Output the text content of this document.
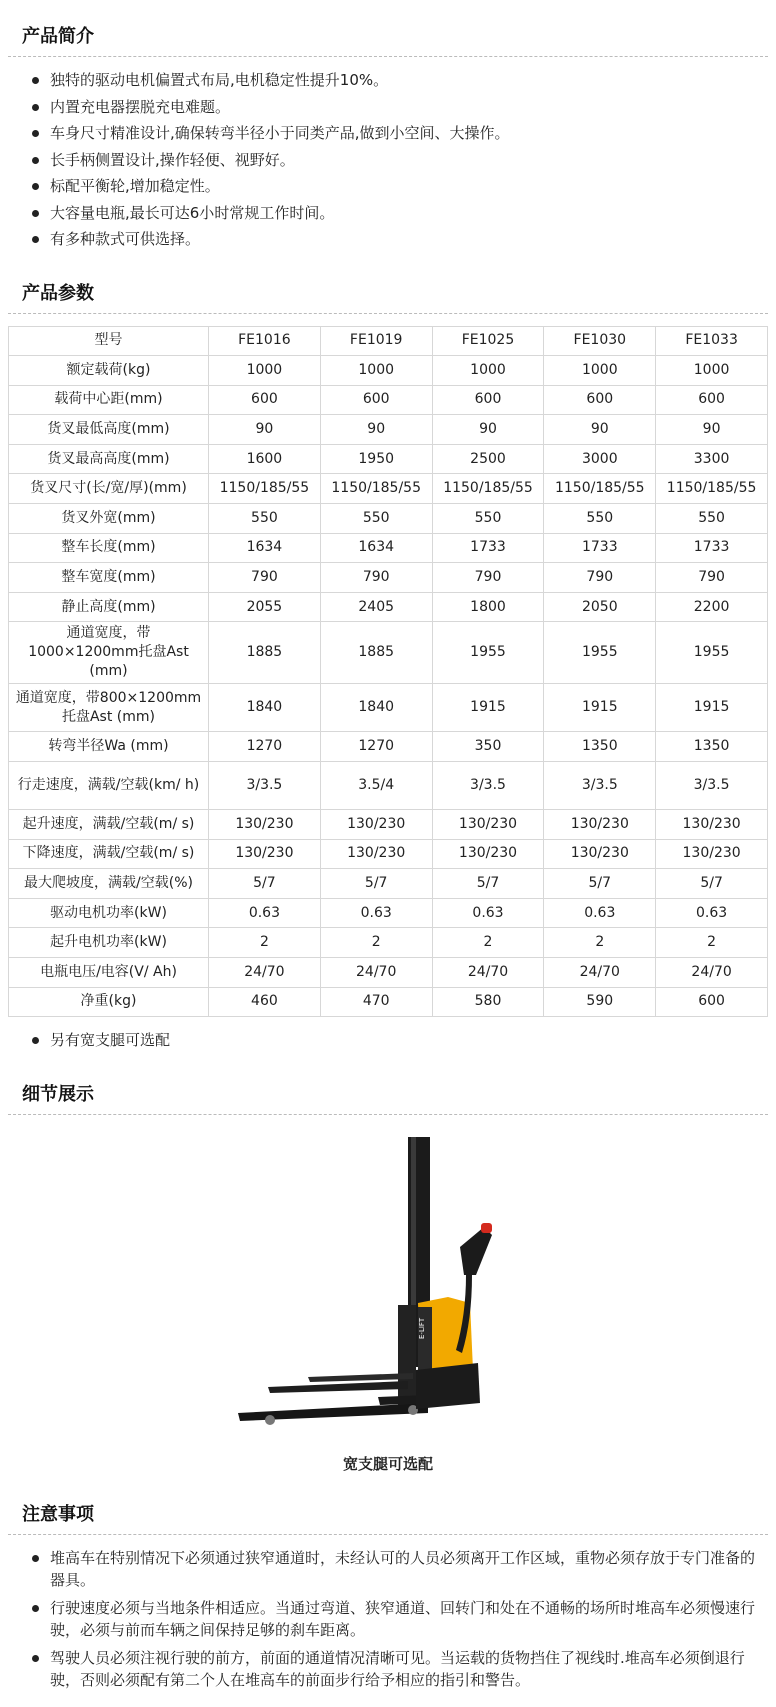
产品简介
独特的驱动电机偏置式布局,电机稳定性提升10%。
内置充电器摆脱充电难题。
车身尺寸精准设计,确保转弯半径小于同类产品,做到小空间、大操作。
长手柄侧置设计,操作轻便、视野好。
标配平衡轮,增加稳定性。
大容量电瓶,最长可达6小时常规工作时间。
有多种款式可供选择。
产品参数
型号	FE1016	FE1019	FE1025	FE1030	FE1033
额定载荷(kg)	1000	1000	1000	1000	1000
载荷中心距(mm)	600	600	600	600	600
货叉最低高度(mm)	90	90	90	90	90
货叉最高高度(mm)	1600	1950	2500	3000	3300
货叉尺寸(长/宽/厚)(mm)	1150/185/55	1150/185/55	1150/185/55	1150/185/55	1150/185/55
货叉外宽(mm)	550	550	550	550	550
整车长度(mm)	1634	1634	1733	1733	1733
整车宽度(mm)	790	790	790	790	790
静止高度(mm)	2055	2405	1800	2050	2200
通道宽度，带1000×1200mm托盘Ast (mm)	1885	1885	1955	1955	1955
通道宽度，带800×1200mm托盘Ast (mm)	1840	1840	1915	1915	1915
转弯半径Wa (mm)	1270	1270	350	1350	1350
行走速度，满载/空载(km/ h)	3/3.5	3.5/4	3/3.5	3/3.5	3/3.5
起升速度，满载/空载(m/ s)	130/230	130/230	130/230	130/230	130/230
下降速度，满载/空载(m/ s)	130/230	130/230	130/230	130/230	130/230
最大爬坡度，满载/空载(%)	5/7	5/7	5/7	5/7	5/7
驱动电机功率(kW)	0.63	0.63	0.63	0.63	0.63
起升电机功率(kW)	2	2	2	2	2
电瓶电压/电容(V/ Ah)	24/70	24/70	24/70	24/70	24/70
净重(kg)	460	470	580	590	600
另有宽支腿可选配
细节展示
E-LIFT
宽支腿可选配
注意事项
堆高车在特别情况下必须通过狭窄通道时，未经认可的人员必须离开工作区域，重物必须存放于专门准备的器具。
行驶速度必须与当地条件相适应。当通过弯道、狭窄通道、回转门和处在不通畅的场所时堆高车必须慢速行驶，必须与前而车辆之间保持足够的刹车距离。
驾驶人员必须注视行驶的前方，前面的通道情况清晰可见。当运载的货物挡住了视线时.堆高车必须倒退行驶，否则必须配有第二个人在堆高车的前面步行给予相应的指引和警告。
